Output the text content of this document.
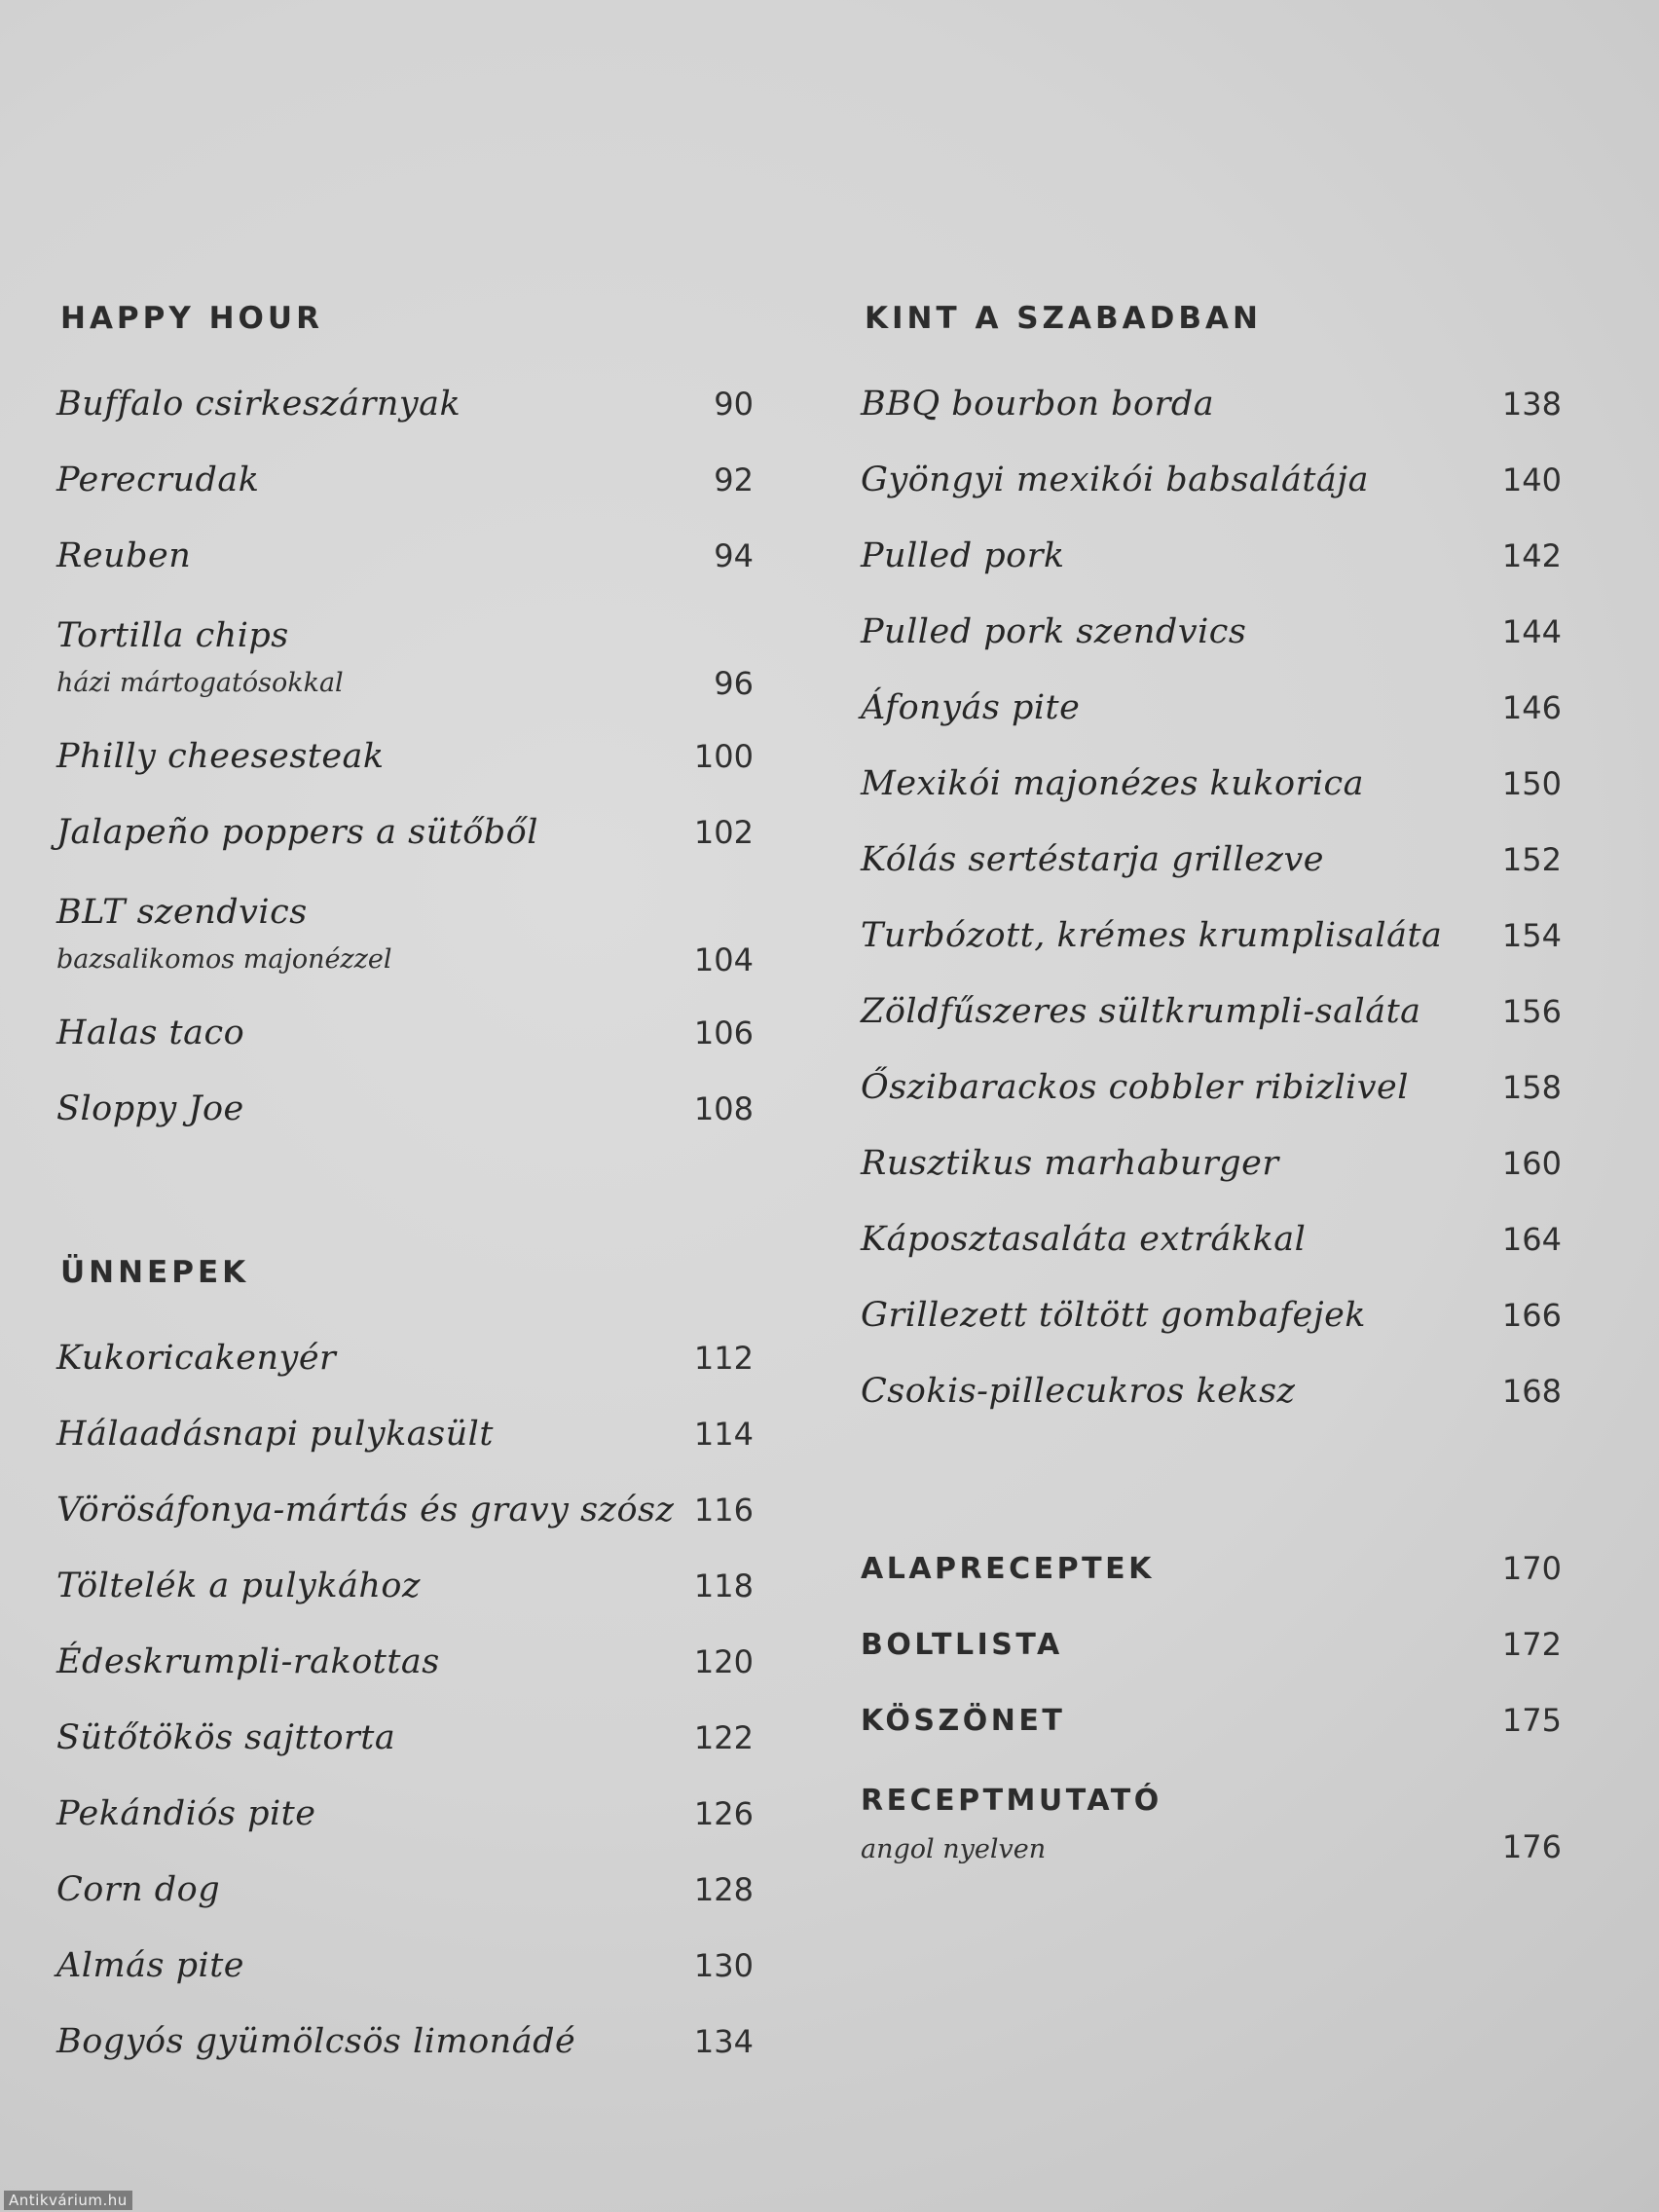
HAPPY HOUR
Buffalo csirkeszárnyak	90
Perecrudak	92
Reuben	94
Tortilla chips
házi mártogatósokkal	96
Philly cheesesteak	100
Jalapeño poppers a sütőből	102
BLT szendvics
bazsalikomos majonézzel	104
Halas taco	106
Sloppy Joe	108
ÜNNEPEK
Kukoricakenyér	112
Hálaadásnapi pulykasült	114
Vörösáfonya-mártás és gravy szósz 116
Töltelék a pulykához	118
Édeskrumpli-rakottas	120
Sütőtökös sajttorta	122
Pekándiós pite	126
Corn dog	128
Almás pite	130
Bogyós gyümölcsös limonádé	134
KINT A SZABADBAN
BBQ bourbon borda	138
Gyöngyi mexikói babsalátája	140
Pulled pork	142
Pulled pork szendvics	144
Áfonyás pite	146
Mexikói majonézes kukorica	150
Kólás sertéstarja grillezve	152
Turbózott, krémes krumplisaláta 154
Zöldfűszeres sültkrumpli-saláta	156
Őszibarackos cobbler ribizlivel	158
Rusztikus marhaburger	160
Káposztasaláta extrákkal	164
Grillezett töltött gombafejek	166
Csokis-pillecukros keksz	168
ALAPRECEPTEK	170
BOLTLISTA	172
KÖSZÖNET	175
RECEPTMUTATÓ
angol nyelven	176
Antikvárium.hu
